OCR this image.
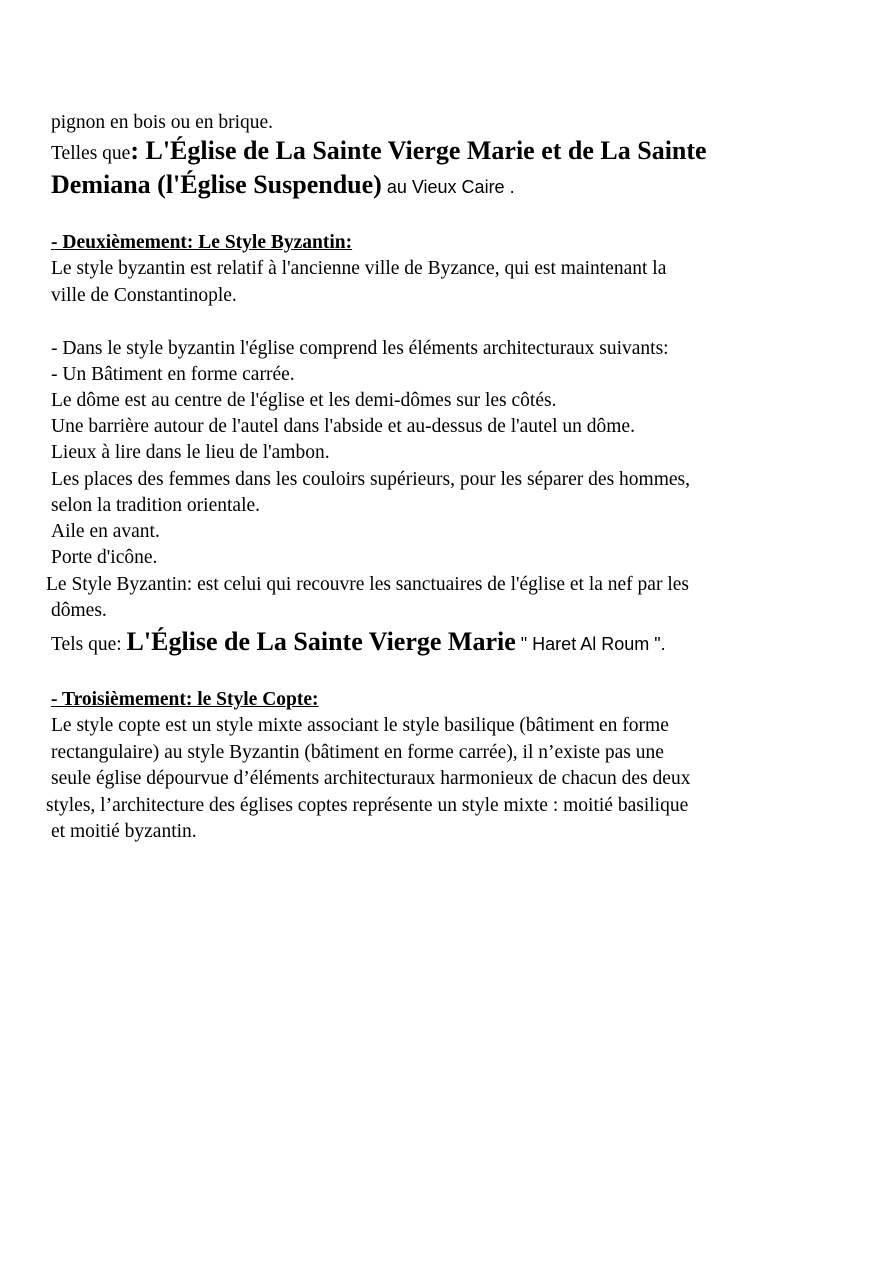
pignon en bois ou en brique.
Telles que: L'Église de La Sainte Vierge Marie et de La Sainte
Demiana (l'Église Suspendue) au Vieux Caire .
- Deuxièmement: Le Style Byzantin:
Le style byzantin est relatif à l'ancienne ville de Byzance, qui est maintenant la
ville de Constantinople.
- Dans le style byzantin l'église comprend les éléments architecturaux suivants:
- Un Bâtiment en forme carrée.
Le dôme est au centre de l'église et les demi-dômes sur les côtés.
Une barrière autour de l'autel dans l'abside et au-dessus de l'autel un dôme.
Lieux à lire dans le lieu de l'ambon.
Les places des femmes dans les couloirs supérieurs, pour les séparer des hommes,
selon la tradition orientale.
Aile en avant.
Porte d'icône.
Le Style Byzantin: est celui qui recouvre les sanctuaires de l'église et la nef par les
dômes.
Tels que: L'Église de La Sainte Vierge Marie " Haret Al Roum ".
- Troisièmement: le Style Copte:
Le style copte est un style mixte associant le style basilique (bâtiment en forme
rectangulaire) au style Byzantin (bâtiment en forme carrée), il n’existe pas une
seule église dépourvue d’éléments architecturaux harmonieux de chacun des deux
styles, l’architecture des églises coptes représente un style mixte : moitié basilique
et moitié byzantin.
